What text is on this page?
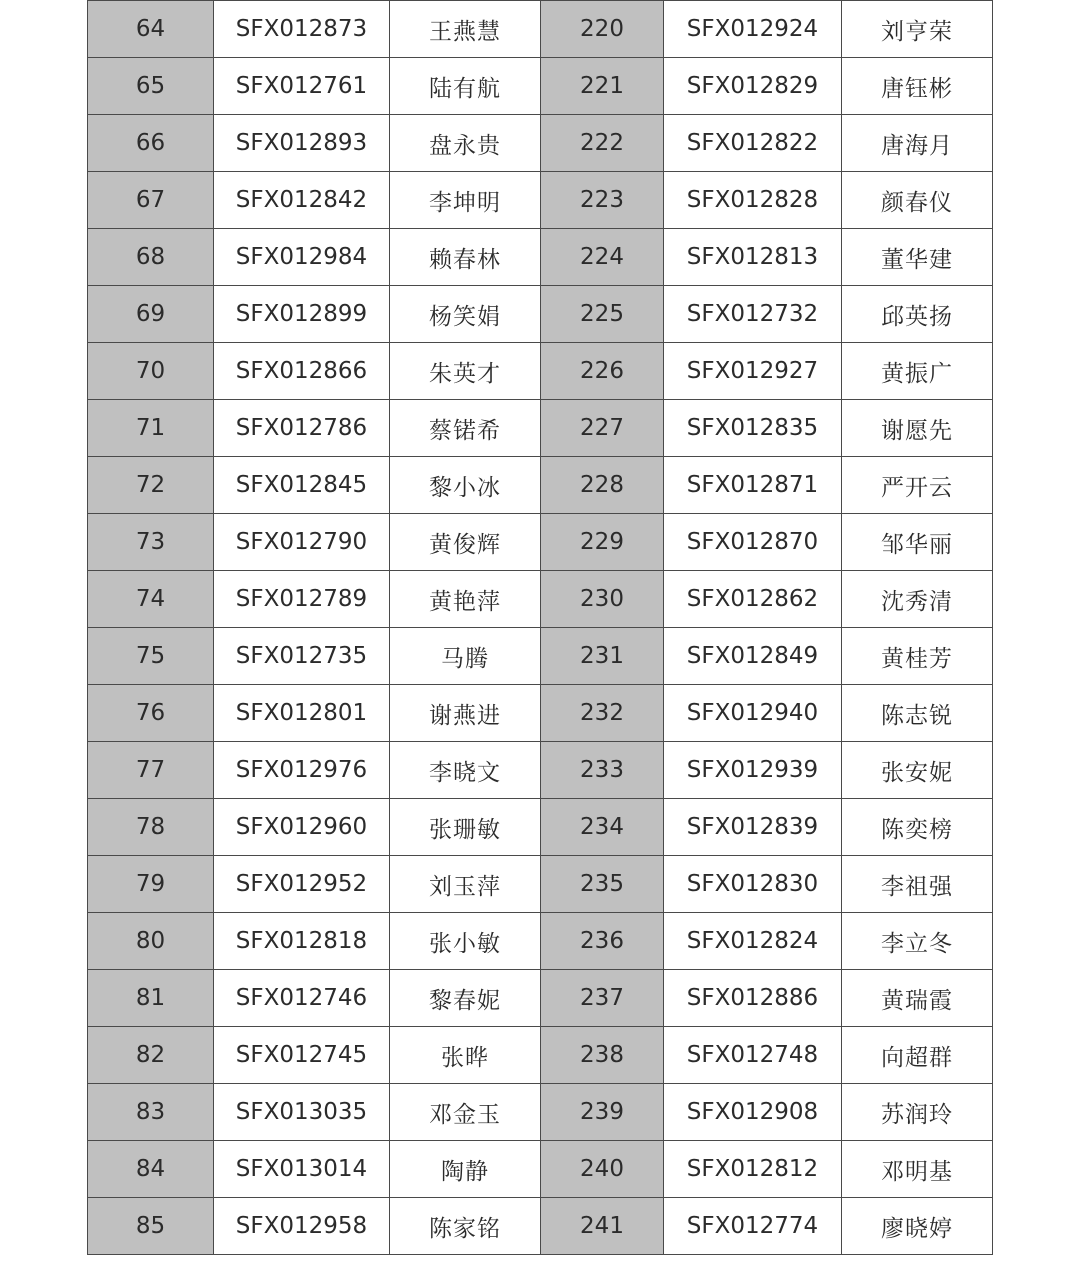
64	SFX012873	王燕慧	220	SFX012924	刘亨荣
65	SFX012761	陆有航	221	SFX012829	唐钰彬
66	SFX012893	盘永贵	222	SFX012822	唐海月
67	SFX012842	李坤明	223	SFX012828	颜春仪
68	SFX012984	赖春林	224	SFX012813	董华建
69	SFX012899	杨笑娟	225	SFX012732	邱英扬
70	SFX012866	朱英才	226	SFX012927	黄振广
71	SFX012786	蔡锘希	227	SFX012835	谢愿先
72	SFX012845	黎小冰	228	SFX012871	严开云
73	SFX012790	黄俊辉	229	SFX012870	邹华丽
74	SFX012789	黄艳萍	230	SFX012862	沈秀清
75	SFX012735	马腾	231	SFX012849	黄桂芳
76	SFX012801	谢燕进	232	SFX012940	陈志锐
77	SFX012976	李晓文	233	SFX012939	张安妮
78	SFX012960	张珊敏	234	SFX012839	陈奕榜
79	SFX012952	刘玉萍	235	SFX012830	李祖强
80	SFX012818	张小敏	236	SFX012824	李立冬
81	SFX012746	黎春妮	237	SFX012886	黄瑞霞
82	SFX012745	张晔	238	SFX012748	向超群
83	SFX013035	邓金玉	239	SFX012908	苏润玲
84	SFX013014	陶静	240	SFX012812	邓明基
85	SFX012958	陈家铭	241	SFX012774	廖晓婷
